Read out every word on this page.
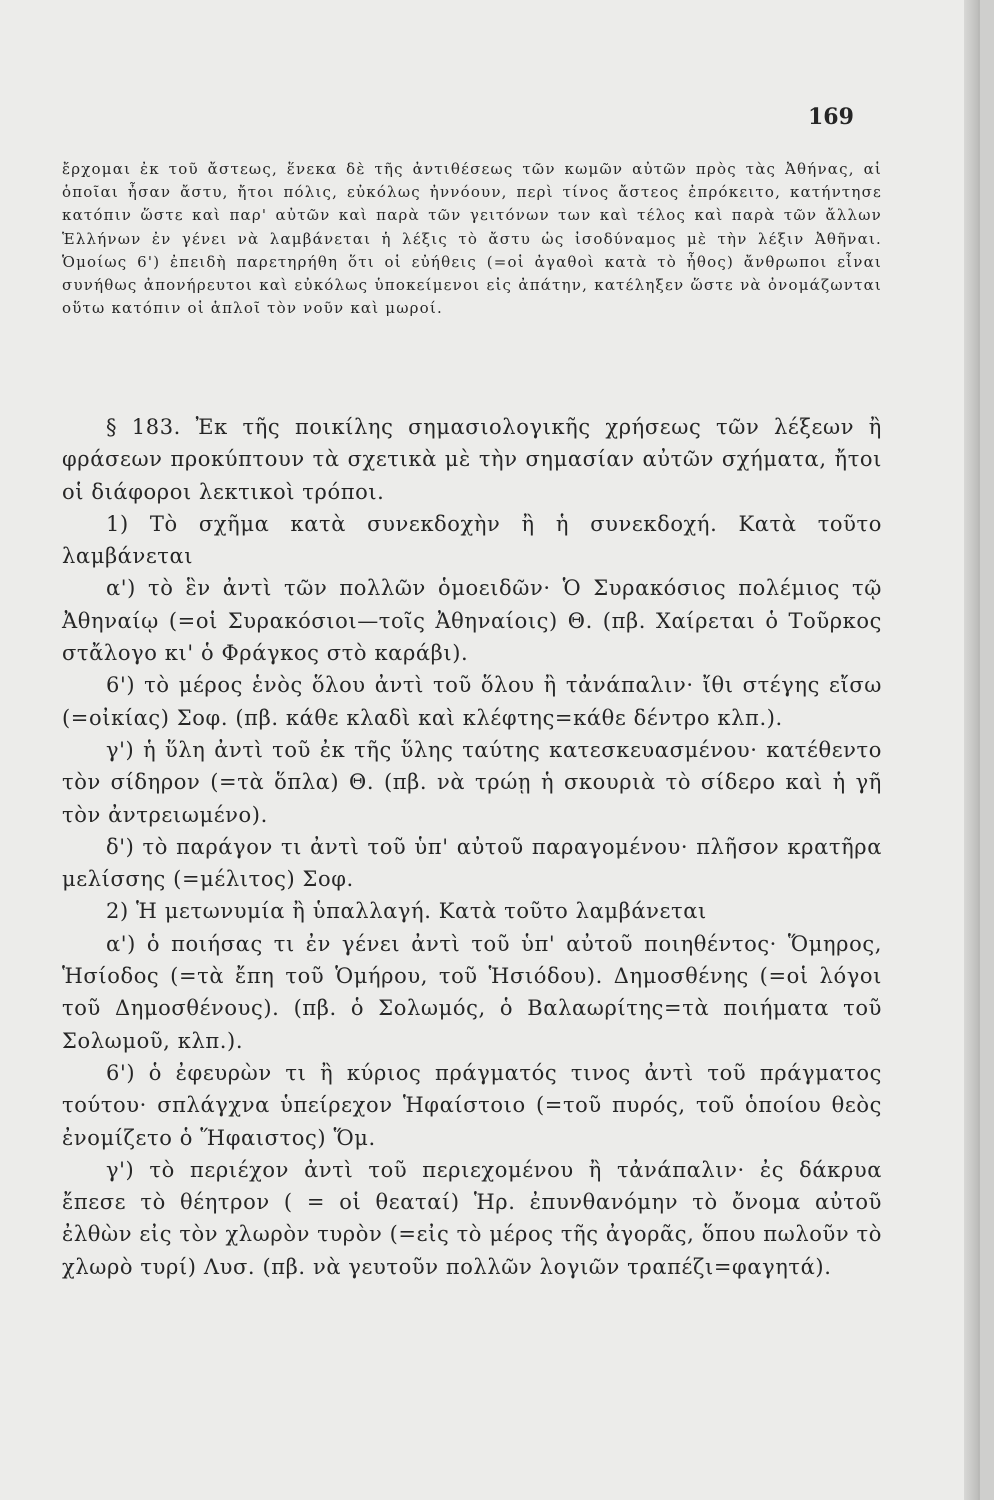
169

ἔρχομαι ἐκ τοῦ ἄστεως, ἕνεκα δὲ τῆς ἀντιθέσεως τῶν κωμῶν αὐτῶν πρὸς τὰς Ἀθήνας, αἱ ὁποῖαι ἦσαν ἄστυ, ἤτοι πόλις, εὐκόλως ἠννόουν, περὶ τίνος ἄστεος ἐπρόκειτο, κατήντησε κατόπιν ὥστε καὶ παρ' αὐτῶν καὶ παρὰ τῶν γειτόνων των καὶ τέλος καὶ παρὰ τῶν ἄλλων Ἑλλήνων ἐν γένει νὰ λαμβάνεται ἡ λέξις τὸ ἄστυ ὡς ἰσοδύναμος μὲ τὴν λέξιν Ἀθῆναι. Ὁμοίως 6') ἐπειδὴ παρετηρήθη ὅτι οἱ εὐήθεις (=οἱ ἀγαθοὶ κατὰ τὸ ἦθος) ἄνθρωποι εἶναι συνήθως ἀπονήρευτοι καὶ εὐκόλως ὑποκείμενοι εἰς ἀπάτην, κατέληξεν ὥστε νὰ ὀνομάζωνται οὕτω κατόπιν οἱ ἁπλοῖ τὸν νοῦν καὶ μωροί.

§ 183. Ἐκ τῆς ποικίλης σημασιολογικῆς χρήσεως τῶν λέξεων ἢ φράσεων προκύπτουν τὰ σχετικὰ μὲ τὴν σημασίαν αὐτῶν σχήματα, ἤτοι οἱ διάφοροι λεκτικοὶ τρόποι.

1) Τὸ σχῆμα κατὰ συνεκδοχὴν ἢ ἡ συνεκδοχή. Κατὰ τοῦτο λαμβάνεται

α') τὸ ἓν ἀντὶ τῶν πολλῶν ὁμοειδῶν· Ὁ Συρακόσιος πολέμιος τῷ Ἀθηναίῳ (=οἱ Συρακόσιοι—τοῖς Ἀθηναίοις) Θ. (πβ. Χαίρεται ὁ Τοῦρκος στἄλογο κι' ὁ Φράγκος στὸ καράβι).

6') τὸ μέρος ἑνὸς ὅλου ἀντὶ τοῦ ὅλου ἢ τἀνάπαλιν· ἴθι στέγης εἴσω (=οἰκίας) Σοφ. (πβ. κάθε κλαδὶ καὶ κλέφτης=κάθε δέντρο κλπ.).

γ') ἡ ὕλη ἀντὶ τοῦ ἐκ τῆς ὕλης ταύτης κατεσκευασμένου· κατέθεντο τὸν σίδηρον (=τὰ ὅπλα) Θ. (πβ. νὰ τρώῃ ἡ σκουριὰ τὸ σίδερο καὶ ἡ γῆ τὸν ἀντρειωμένο).

δ') τὸ παράγον τι ἀντὶ τοῦ ὑπ' αὐτοῦ παραγομένου· πλῆσον κρατῆρα μελίσσης (=μέλιτος) Σοφ.

2) Ἡ μετωνυμία ἢ ὑπαλλαγή. Κατὰ τοῦτο λαμβάνεται

α') ὁ ποιήσας τι ἐν γένει ἀντὶ τοῦ ὑπ' αὐτοῦ ποιηθέντος· Ὅμηρος, Ἡσίοδος (=τὰ ἔπη τοῦ Ὁμήρου, τοῦ Ἡσιόδου). Δημοσθένης (=οἱ λόγοι τοῦ Δημοσθένους). (πβ. ὁ Σολωμός, ὁ Βαλαωρίτης=τὰ ποιήματα τοῦ Σολωμοῦ, κλπ.).

6') ὁ ἐφευρὼν τι ἢ κύριος πράγματός τινος ἀντὶ τοῦ πράγματος τούτου· σπλάγχνα ὑπείρεχον Ἡφαίστοιο (=τοῦ πυρός, τοῦ ὁποίου θεὸς ἐνομίζετο ὁ Ἥφαιστος) Ὅμ.

γ') τὸ περιέχον ἀντὶ τοῦ περιεχομένου ἢ τἀνάπαλιν· ἐς δάκρυα ἔπεσε τὸ θέητρον ( = οἱ θεαταί) Ἡρ. ἐπυνθανόμην τὸ ὄνομα αὐτοῦ ἐλθὼν εἰς τὸν χλωρὸν τυρὸν (=εἰς τὸ μέρος τῆς ἀγορᾶς, ὅπου πωλοῦν τὸ χλωρὸ τυρί) Λυσ. (πβ. νὰ γευτοῦν πολλῶν λογιῶν τραπέζι=φαγητά).
